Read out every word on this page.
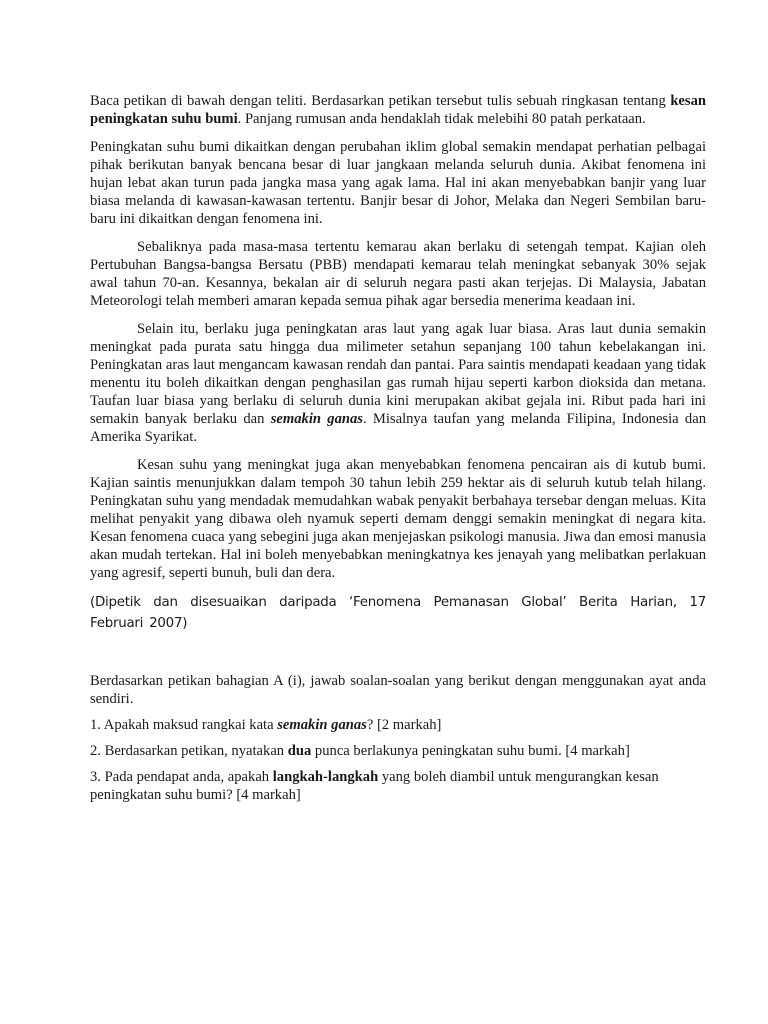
Baca petikan di bawah dengan teliti. Berdasarkan petikan tersebut tulis sebuah ringkasan tentang kesan peningkatan suhu bumi. Panjang rumusan anda hendaklah tidak melebihi 80 patah perkataan.

Peningkatan suhu bumi dikaitkan dengan perubahan iklim global semakin mendapat perhatian pelbagai pihak berikutan banyak bencana besar di luar jangkaan melanda seluruh dunia. Akibat fenomena ini hujan lebat akan turun pada jangka masa yang agak lama. Hal ini akan menyebabkan banjir yang luar biasa melanda di kawasan-kawasan tertentu. Banjir besar di Johor, Melaka dan Negeri Sembilan baru-baru ini dikaitkan dengan fenomena ini.

Sebaliknya pada masa-masa tertentu kemarau akan berlaku di setengah tempat. Kajian oleh Pertubuhan Bangsa-bangsa Bersatu (PBB) mendapati kemarau telah meningkat sebanyak 30% sejak awal tahun 70-an. Kesannya, bekalan air di seluruh negara pasti akan terjejas. Di Malaysia, Jabatan Meteorologi telah memberi amaran kepada semua pihak agar bersedia menerima keadaan ini.

Selain itu, berlaku juga peningkatan aras laut yang agak luar biasa. Aras laut dunia semakin meningkat pada purata satu hingga dua milimeter setahun sepanjang 100 tahun kebelakangan ini. Peningkatan aras laut mengancam kawasan rendah dan pantai. Para saintis mendapati keadaan yang tidak menentu itu boleh dikaitkan dengan penghasilan gas rumah hijau seperti karbon dioksida dan metana. Taufan luar biasa yang berlaku di seluruh dunia kini merupakan akibat gejala ini. Ribut pada hari ini semakin banyak berlaku dan semakin ganas. Misalnya taufan yang melanda Filipina, Indonesia dan Amerika Syarikat.

Kesan suhu yang meningkat juga akan menyebabkan fenomena pencairan ais di kutub bumi. Kajian saintis menunjukkan dalam tempoh 30 tahun lebih 259 hektar ais di seluruh kutub telah hilang. Peningkatan suhu yang mendadak memudahkan wabak penyakit berbahaya tersebar dengan meluas. Kita melihat penyakit yang dibawa oleh nyamuk seperti demam denggi semakin meningkat di negara kita. Kesan fenomena cuaca yang sebegini juga akan menjejaskan psikologi manusia. Jiwa dan emosi manusia akan mudah tertekan. Hal ini boleh menyebabkan meningkatnya kes jenayah yang melibatkan perlakuan yang agresif, seperti bunuh, buli dan dera.

(Dipetik dan disesuaikan daripada ‘Fenomena Pemanasan Global’ Berita Harian, 17 Februari 2007)

Berdasarkan petikan bahagian A (i), jawab soalan-soalan yang berikut dengan menggunakan ayat anda sendiri.

1. Apakah maksud rangkai kata semakin ganas? [2 markah]

2. Berdasarkan petikan, nyatakan dua punca berlakunya peningkatan suhu bumi. [4 markah]

3. Pada pendapat anda, apakah langkah-langkah yang boleh diambil untuk mengurangkan kesan peningkatan suhu bumi? [4 markah]
